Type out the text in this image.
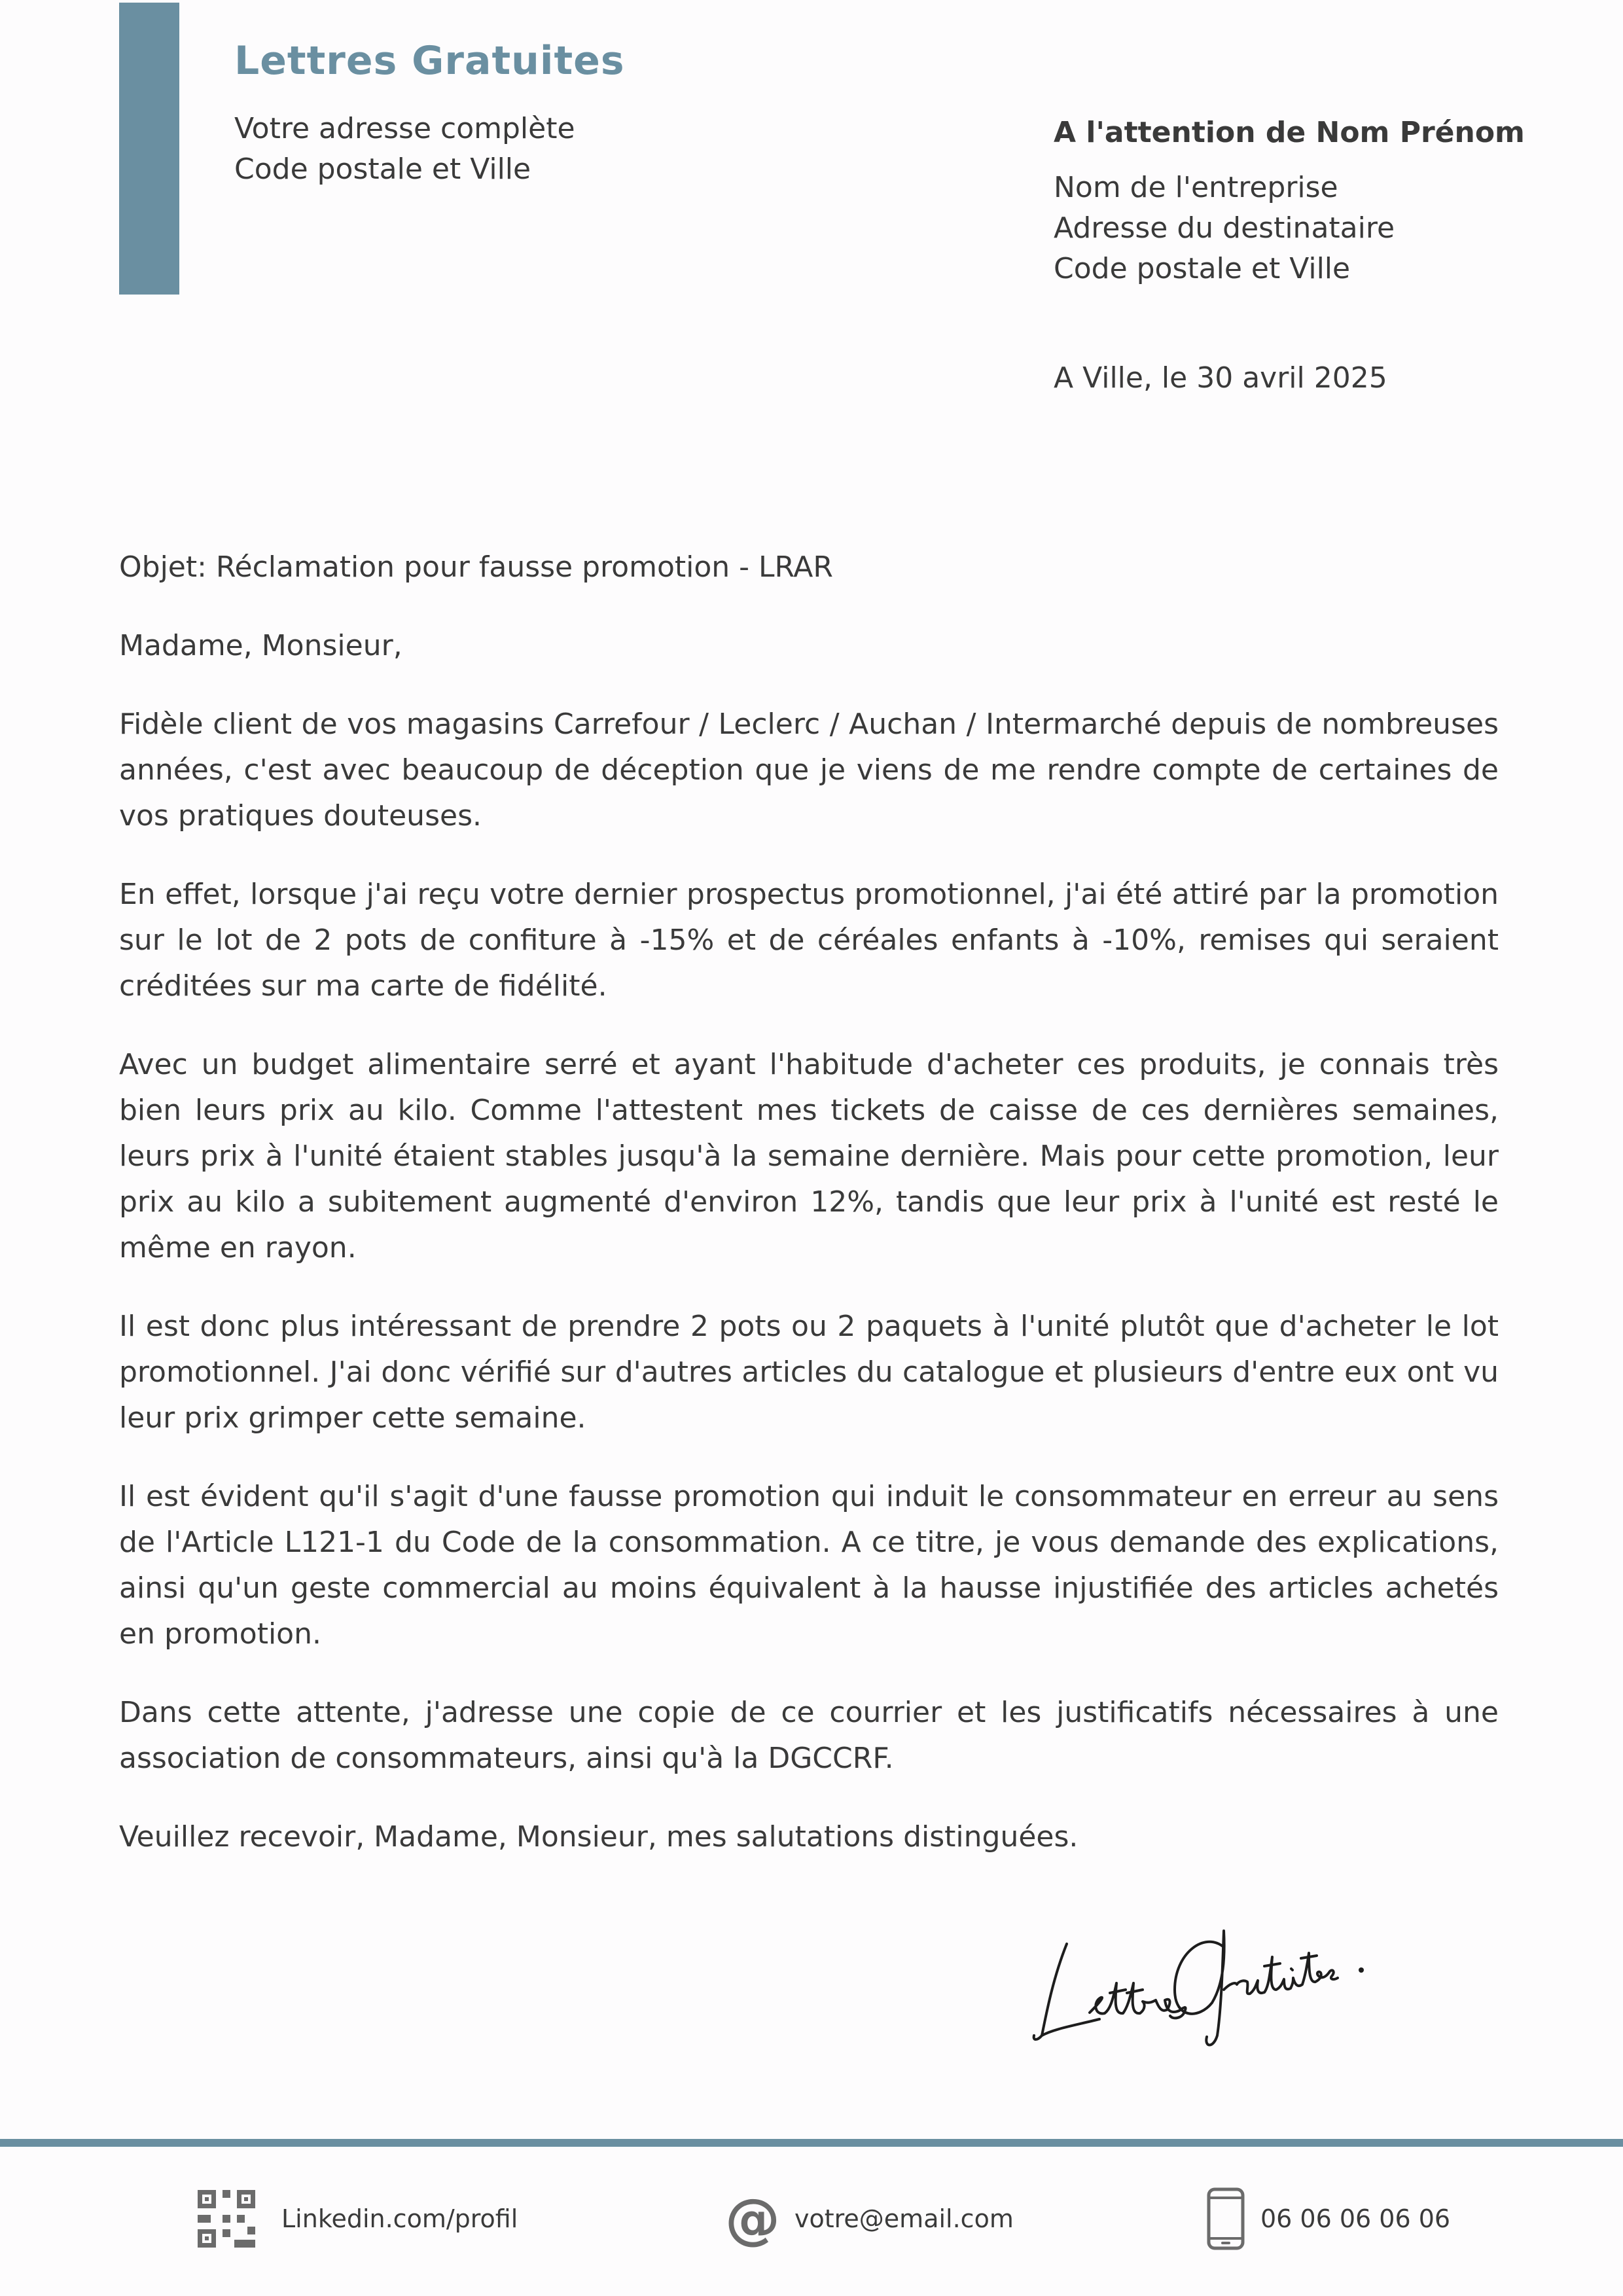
Lettres Gratuites
Votre adresse complète
Code postale et Ville
A l'attention de Nom Prénom
Nom de l'entreprise
Adresse du destinataire
Code postale et Ville
A Ville, le 30 avril 2025

Objet: Réclamation pour fausse promotion - LRAR

Madame, Monsieur,

Fidèle client de vos magasins Carrefour / Leclerc / Auchan / Intermarché depuis de nombreuses années, c'est avec beaucoup de déception que je viens de me rendre compte de certaines de vos pratiques douteuses.

En effet, lorsque j'ai reçu votre dernier prospectus promotionnel, j'ai été attiré par la promotion sur le lot de 2 pots de confiture à -15% et de céréales enfants à -10%, remises qui seraient créditées sur ma carte de fidélité.

Avec un budget alimentaire serré et ayant l'habitude d'acheter ces produits, je connais très bien leurs prix au kilo. Comme l'attestent mes tickets de caisse de ces dernières semaines, leurs prix à l'unité étaient stables jusqu'à la semaine dernière. Mais pour cette promotion, leur prix au kilo a subitement augmenté d'environ 12%, tandis que leur prix à l'unité est resté le même en rayon.

Il est donc plus intéressant de prendre 2 pots ou 2 paquets à l'unité plutôt que d'acheter le lot promotionnel. J'ai donc vérifié sur d'autres articles du catalogue et plusieurs d'entre eux ont vu leur prix grimper cette semaine.

Il est évident qu'il s'agit d'une fausse promotion qui induit le consommateur en erreur au sens de l'Article L121-1 du Code de la consommation. A ce titre, je vous demande des explications, ainsi qu'un geste commercial au moins équivalent à la hausse injustifiée des articles achetés en promotion.

Dans cette attente, j'adresse une copie de ce courrier et les justificatifs nécessaires à une association de consommateurs, ainsi qu'à la DGCCRF.

Veuillez recevoir, Madame, Monsieur, mes salutations distinguées.

Linkedin.com/profil	@ votre@email.com	06 06 06 06 06
